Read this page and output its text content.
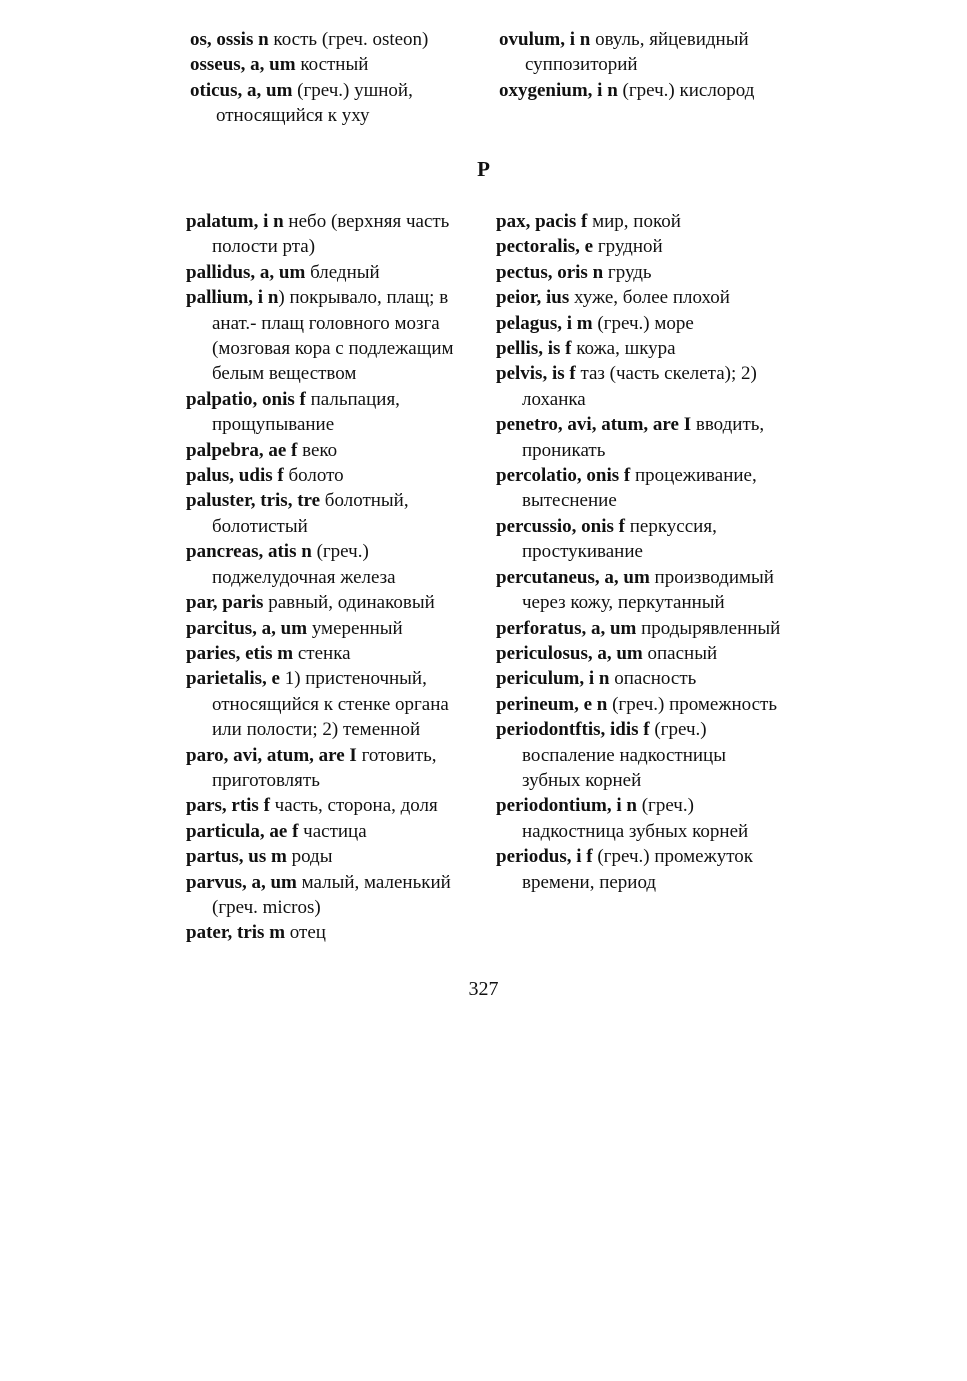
os, ossis n кость (греч. osteon)
osseus, a, um костный
oticus, a, um (греч.) ушной, относящийся к уху
ovulum, i n овуль, яйцевидный суппозиторий
oxygenium, i n (греч.) кислород
P
palatum, i n небо (верхняя часть полости рта)
pallidus, a, um бледный
pallium, i n) покрывало, плащ; в анат.- плащ головного мозга (мозговая кора с подлежащим белым веществом
palpatio, onis f пальпация, прощупывание
palpebra, ae f веко
palus, udis f болото
paluster, tris, tre болотный, болотистый
pancreas, atis n (греч.) поджелудочная железа
par, paris равный, одинаковый
parcitus, a, um умеренный
paries, etis m стенка
parietalis, e 1) пристеночный, относящийся к стенке органа или полости; 2) теменной
paro, avi, atum, are I готовить, приготовлять
pars, rtis f часть, сторона, доля
particula, ae f частица
partus, us m роды
parvus, a, um малый, маленький (греч. micros)
pater, tris m отец
pax, pacis f мир, покой
pectoralis, e грудной
pectus, oris n грудь
peior, ius хуже, более плохой
pelagus, i m (греч.) море
pellis, is f кожа, шкура
pelvis, is f таз (часть скелета); 2) лоханка
penetro, avi, atum, are I вводить, проникать
percolatio, onis f процеживание, вытеснение
percussio, onis f перкуссия, простукивание
percutaneus, a, um производимый через кожу, перкутанный
perforatus, a, um продырявленный
periculosus, a, um опасный
periculum, i n опасность
perineum, e n (греч.) промежность
periodontftis, idis f (греч.) воспаление надкостницы зубных корней
periodontium, i n (греч.) надкостница зубных корней
periodus, i f (греч.) промежуток времени, период
327
